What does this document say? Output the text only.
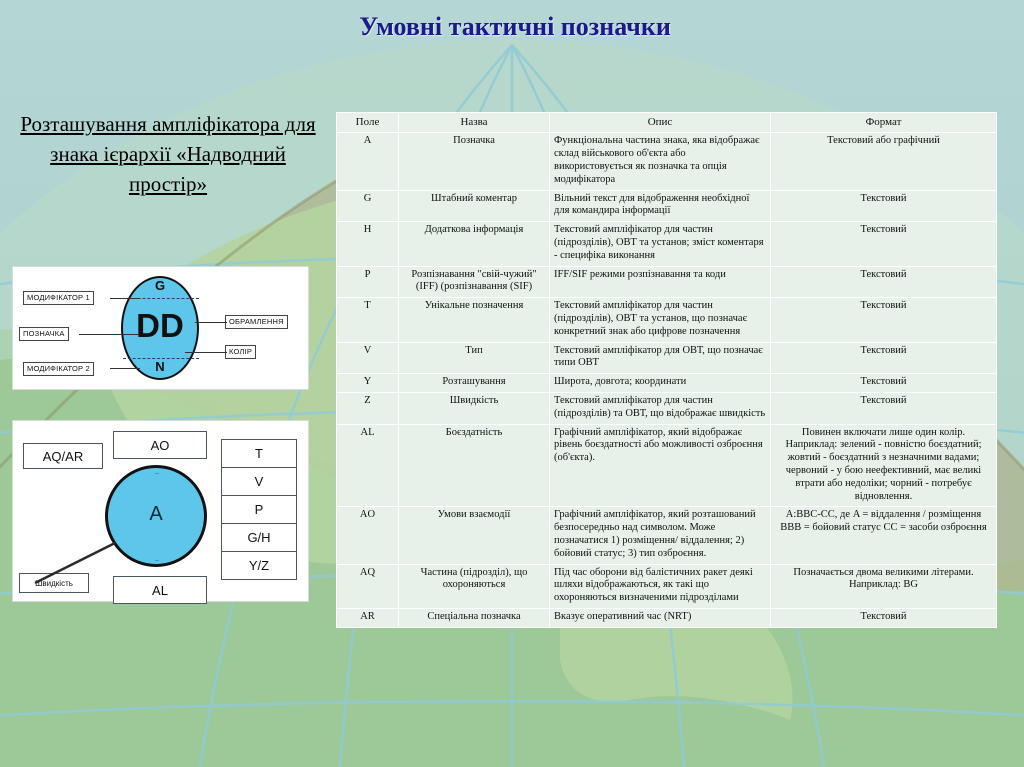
Умовні тактичні позначки
Розташування ампліфікатора для знака ієрархії «Надводний простір»
G
DD
N
МОДИФІКАТОР 1
ПОЗНАЧКА
МОДИФІКАТОР 2
ОБРАМЛЕННЯ
КОЛІР
AQ/AR
AO
AL
A
Швидкість
T
V
P
G/H
Y/Z
Поле	Назва	Опис	Формат
A	Позначка	Функціональна частина знака, яка відображає склад військового об'єкта або використовується як позначка та опція модифікатора	Текстовий або графічний
G	Штабний коментар	Вільний текст для відображення необхідної для командира інформації	Текстовий
H	Додаткова інформація	Текстовий ампліфікатор для частин (підрозділів), ОВТ та установ; зміст коментаря - специфіка виконання	Текстовий
P	Розпізнавання "свій-чужий" (IFF) (розпізнавання (SIF)	IFF/SIF режими розпізнавання та коди	Текстовий
T	Унікальне позначення	Текстовий ампліфікатор для частин (підрозділів), ОВТ та установ, що позначає конкретний знак або цифрове позначення	Текстовий
V	Тип	Текстовий ампліфікатор для ОВТ, що позначає типи ОВТ	Текстовий
Y	Розташування	Широта, довгота; координати	Текстовий
Z	Швидкість	Текстовий ампліфікатор для частин (підрозділів) та ОВТ, що відображає швидкість	Текстовий
AL	Боєздатність	Графічний ампліфікатор, який відображає рівень боєздатності або можливості озброєння (об'єкта).	Повинен включати лише один колір. Наприклад: зелений - повністю боєздатний; жовтий - боєздатний з незначними вадами; червоний - у бою неефективний, має великі втрати або недоліки; чорний - потребує відновлення.
AO	Умови взаємодії	Графічний ампліфікатор, який розташований безпосередньо над символом. Може позначатися 1) розміщення/ віддалення; 2) бойовий статус; 3) тип озброєння.	A:BBC-CC, де A = віддалення / розміщення BBB = бойовий статус CC = засоби озброєння
AQ	Частина (підрозділ), що охороняються	Під час оборони від балістичних ракет деякі шляхи відображаються, як такі що охороняються визначеними підрозділами	Позначається двома великими літерами. Наприклад: BG
AR	Спеціальна позначка	Вказує оперативний час (NRT)	Текстовий
